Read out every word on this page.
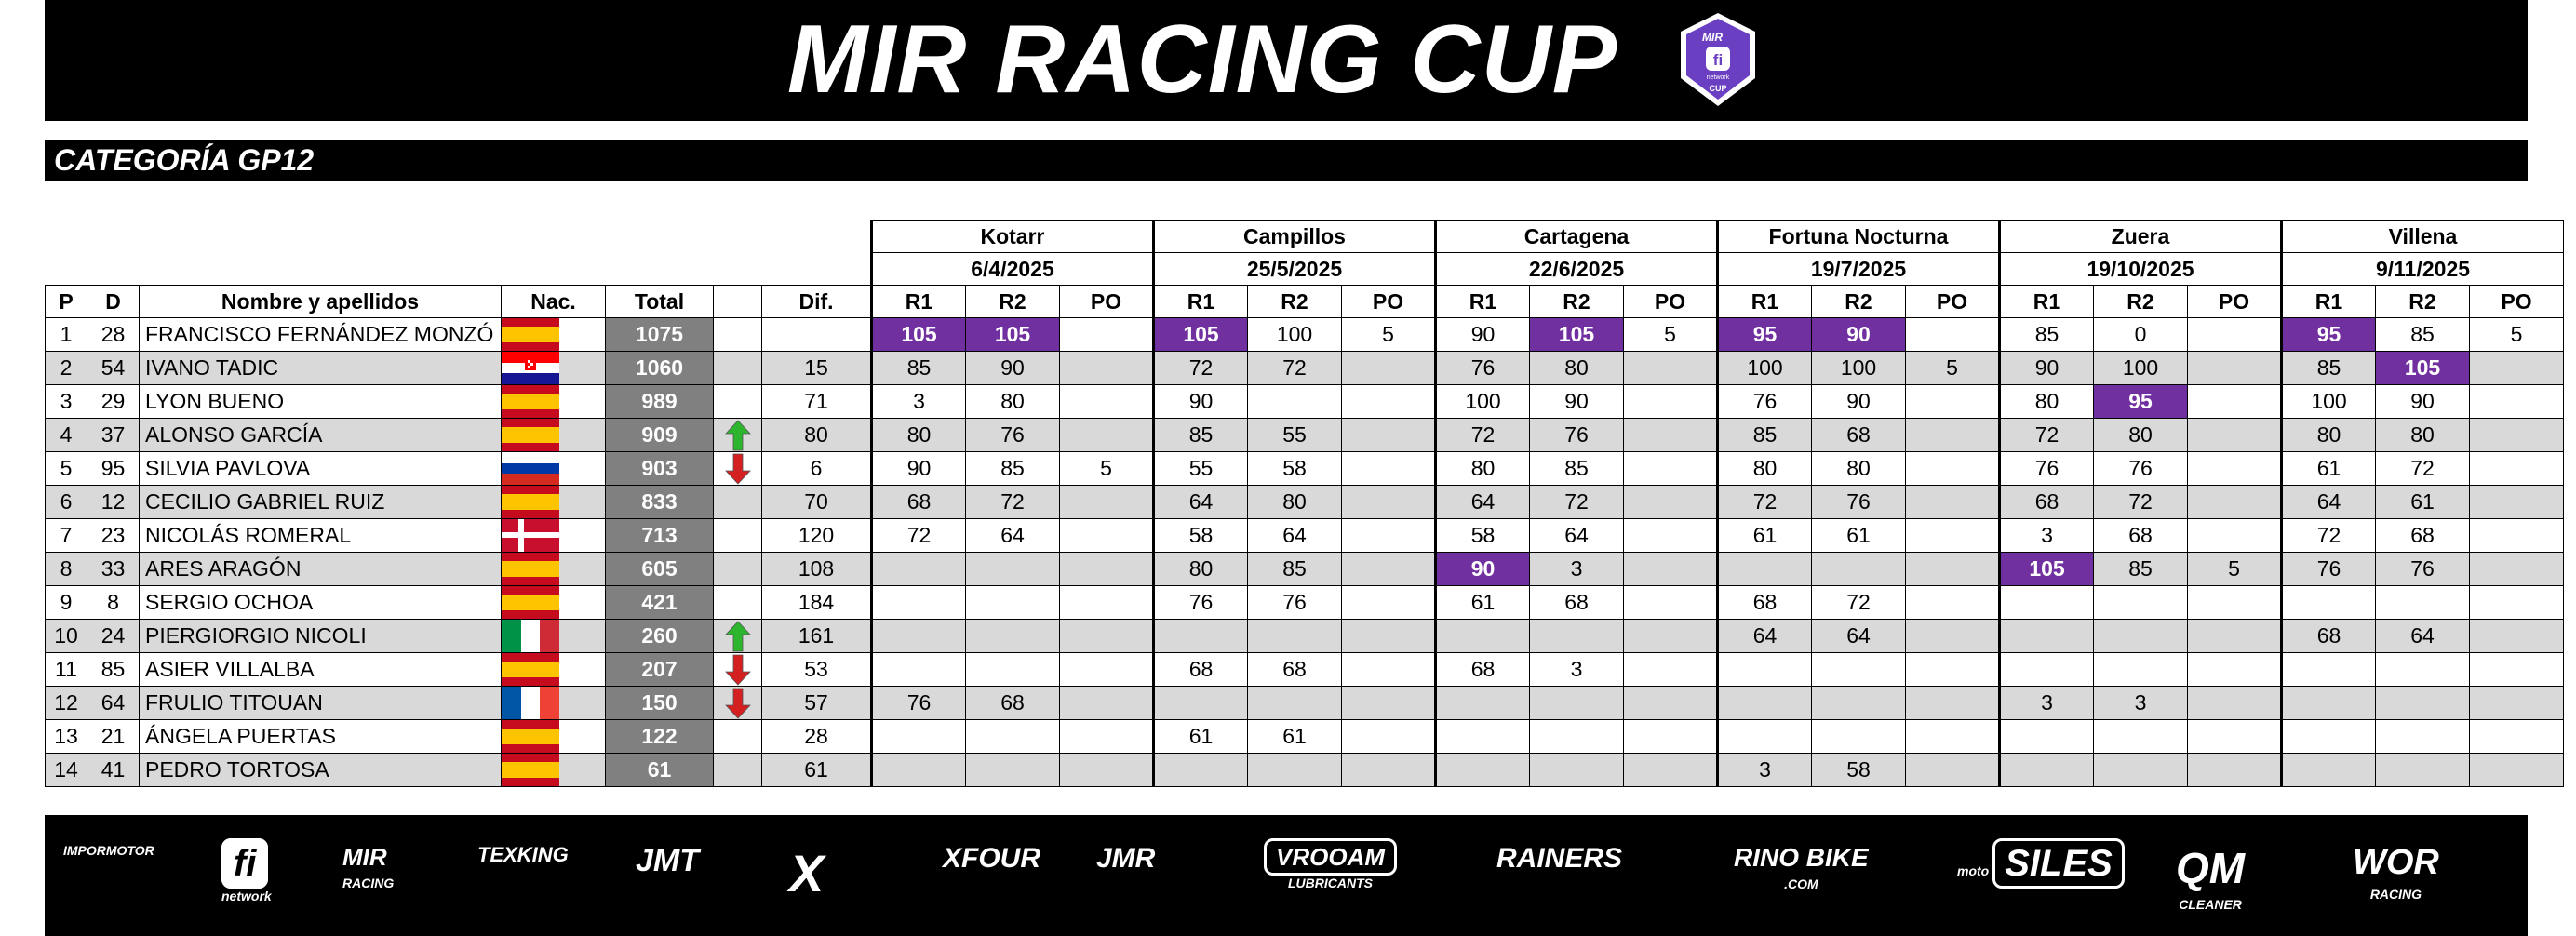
MIR RACING CUP	MIR
fi
network
CUP
CATEGORÍA GP12
							Kotarr			Campillos			Cartagena			Fortuna Nocturna			Zuera			Villena		
							6/4/2025			25/5/2025			22/6/2025			19/7/2025			19/10/2025			9/11/2025		
P	D	Nombre y apellidos	Nac.	Total		Dif.	R1	R2	PO	R1	R2	PO	R1	R2	PO	R1	R2	PO	R1	R2	PO	R1	R2	PO
1	28	FRANCISCO FERNÁNDEZ MONZÓ		1075			105	105		105	100	5	90	105	5	95	90		85	0		95	85	5
2	54	IVANO TADIC		1060		15	85	90		72	72		76	80		100	100	5	90	100		85	105	
3	29	LYON BUENO		989		71	3	80		90			100	90		76	90		80	95		100	90	
4	37	ALONSO GARCÍA		909		80	80	76		85	55		72	76		85	68		72	80		80	80	
5	95	SILVIA PAVLOVA		903		6	90	85	5	55	58		80	85		80	80		76	76		61	72	
6	12	CECILIO GABRIEL RUIZ		833		70	68	72		64	80		64	72		72	76		68	72		64	61	
7	23	NICOLÁS ROMERAL		713		120	72	64		58	64		58	64		61	61		3	68		72	68	
8	33	ARES ARAGÓN		605		108				80	85		90	3					105	85	5	76	76	
9	8	SERGIO OCHOA		421		184				76	76		61	68		68	72							
10	24	PIERGIORGIO NICOLI		260		161										64	64					68	64	
11	85	ASIER VILLALBA		207		53				68	68		68	3										
12	64	FRULIO TITOUAN		150		57	76	68											3	3				
13	21	ÁNGELA PUERTAS		122		28				61	61													
14	41	PEDRO TORTOSA		61		61										3	58							
IMPORMOTOR	fi
network
MIR
RACING
TEXKING JMT X	XFOUR JMR	VROOAM
LUBRICANTS
RAINERS	RINO BIKE
.COM
moto SILES QM
CLEANER
WOR
RACING
